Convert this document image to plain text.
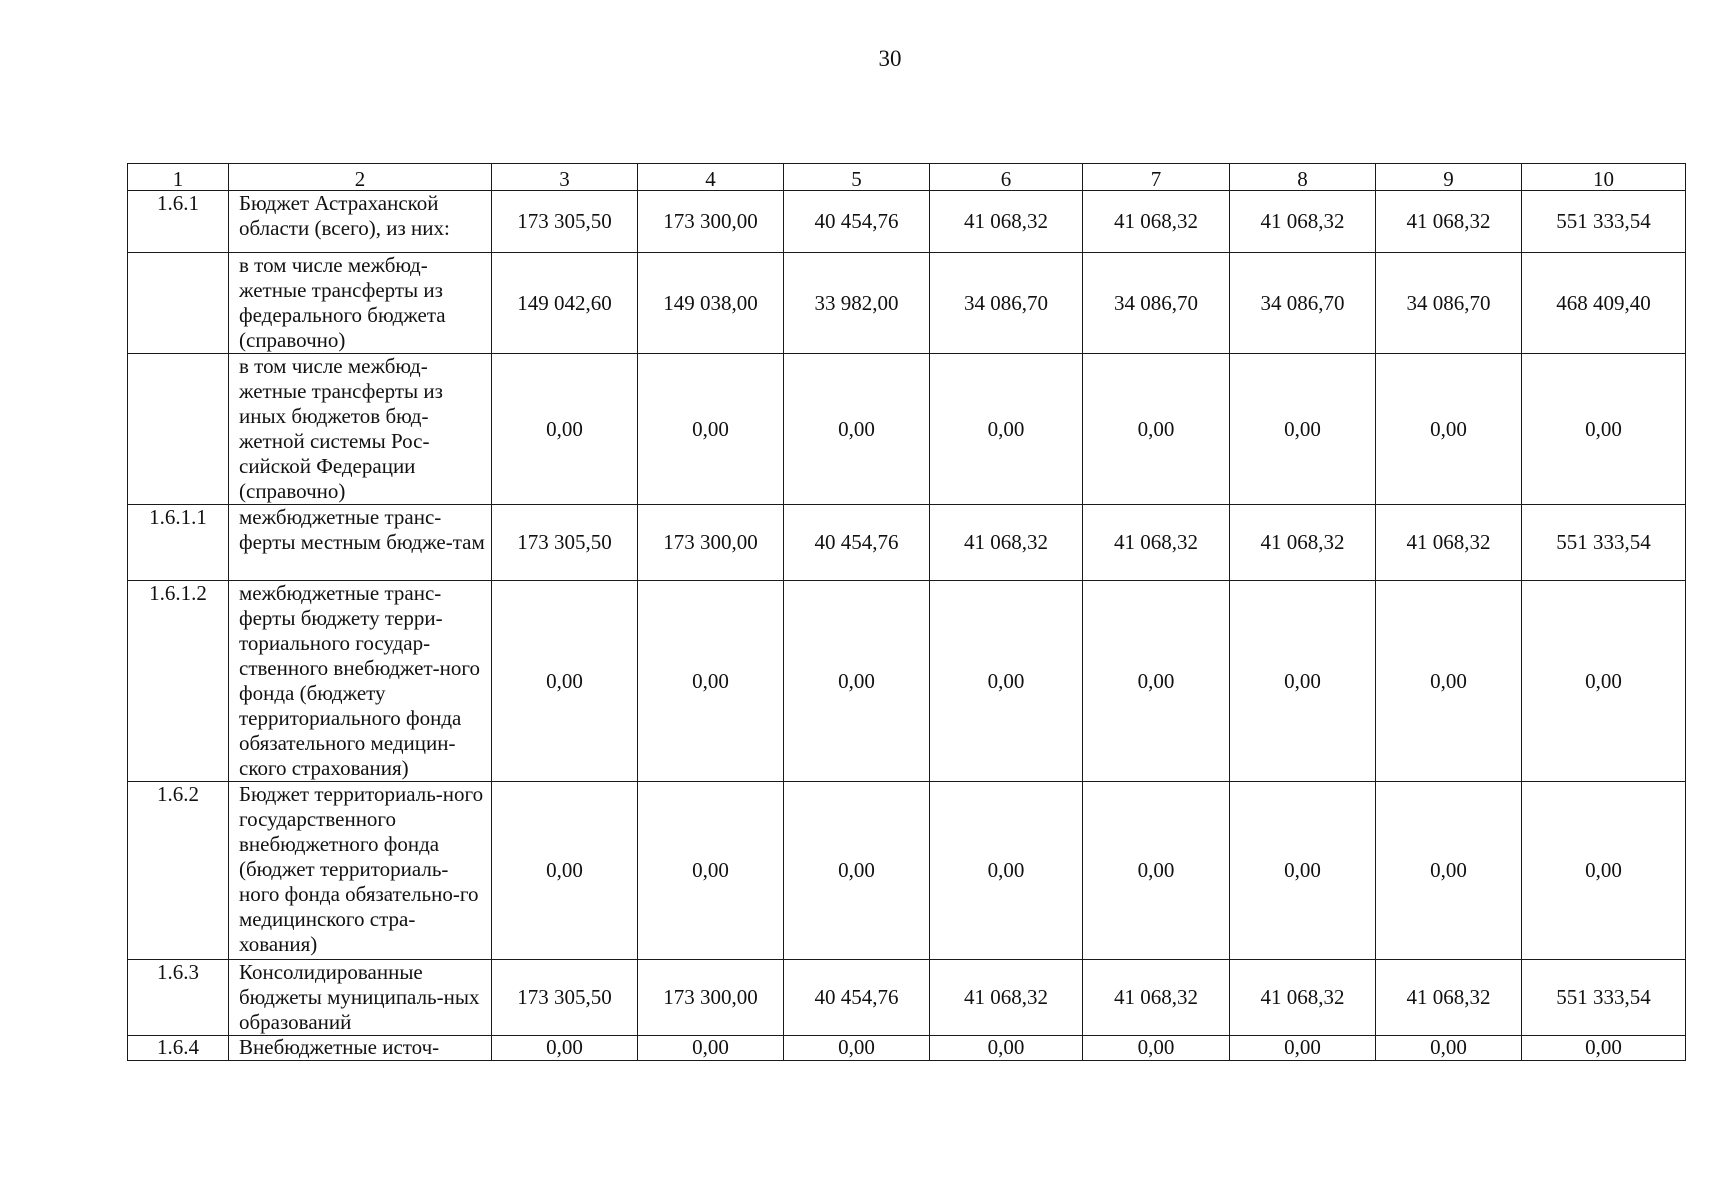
30
1	2	3	4	5	6	7	8	9	10
1.6.1	Бюджет Астраханской области (всего), из них:	173 305,50	173 300,00	40 454,76	41 068,32	41 068,32	41 068,32	41 068,32	551 333,54
	в том числе межбюд-жетные трансферты из федерального бюджета (справочно)	149 042,60	149 038,00	33 982,00	34 086,70	34 086,70	34 086,70	34 086,70	468 409,40
	в том числе межбюд-жетные трансферты из иных бюджетов бюд-жетной системы Рос-сийской Федерации (справочно)	0,00	0,00	0,00	0,00	0,00	0,00	0,00	0,00
1.6.1.1	межбюджетные транс-ферты местным бюдже-там	173 305,50	173 300,00	40 454,76	41 068,32	41 068,32	41 068,32	41 068,32	551 333,54
1.6.1.2	межбюджетные транс-ферты бюджету терри-ториального государ-ственного внебюджет-ного фонда (бюджету территориального фонда обязательного медицин-ского страхования)	0,00	0,00	0,00	0,00	0,00	0,00	0,00	0,00
1.6.2	Бюджет территориаль-ного государственного внебюджетного фонда (бюджет территориаль-ного фонда обязательно-го медицинского стра-хования)	0,00	0,00	0,00	0,00	0,00	0,00	0,00	0,00
1.6.3	Консолидированные бюджеты муниципаль-ных образований	173 305,50	173 300,00	40 454,76	41 068,32	41 068,32	41 068,32	41 068,32	551 333,54
1.6.4	Внебюджетные источ-	0,00	0,00	0,00	0,00	0,00	0,00	0,00	0,00
